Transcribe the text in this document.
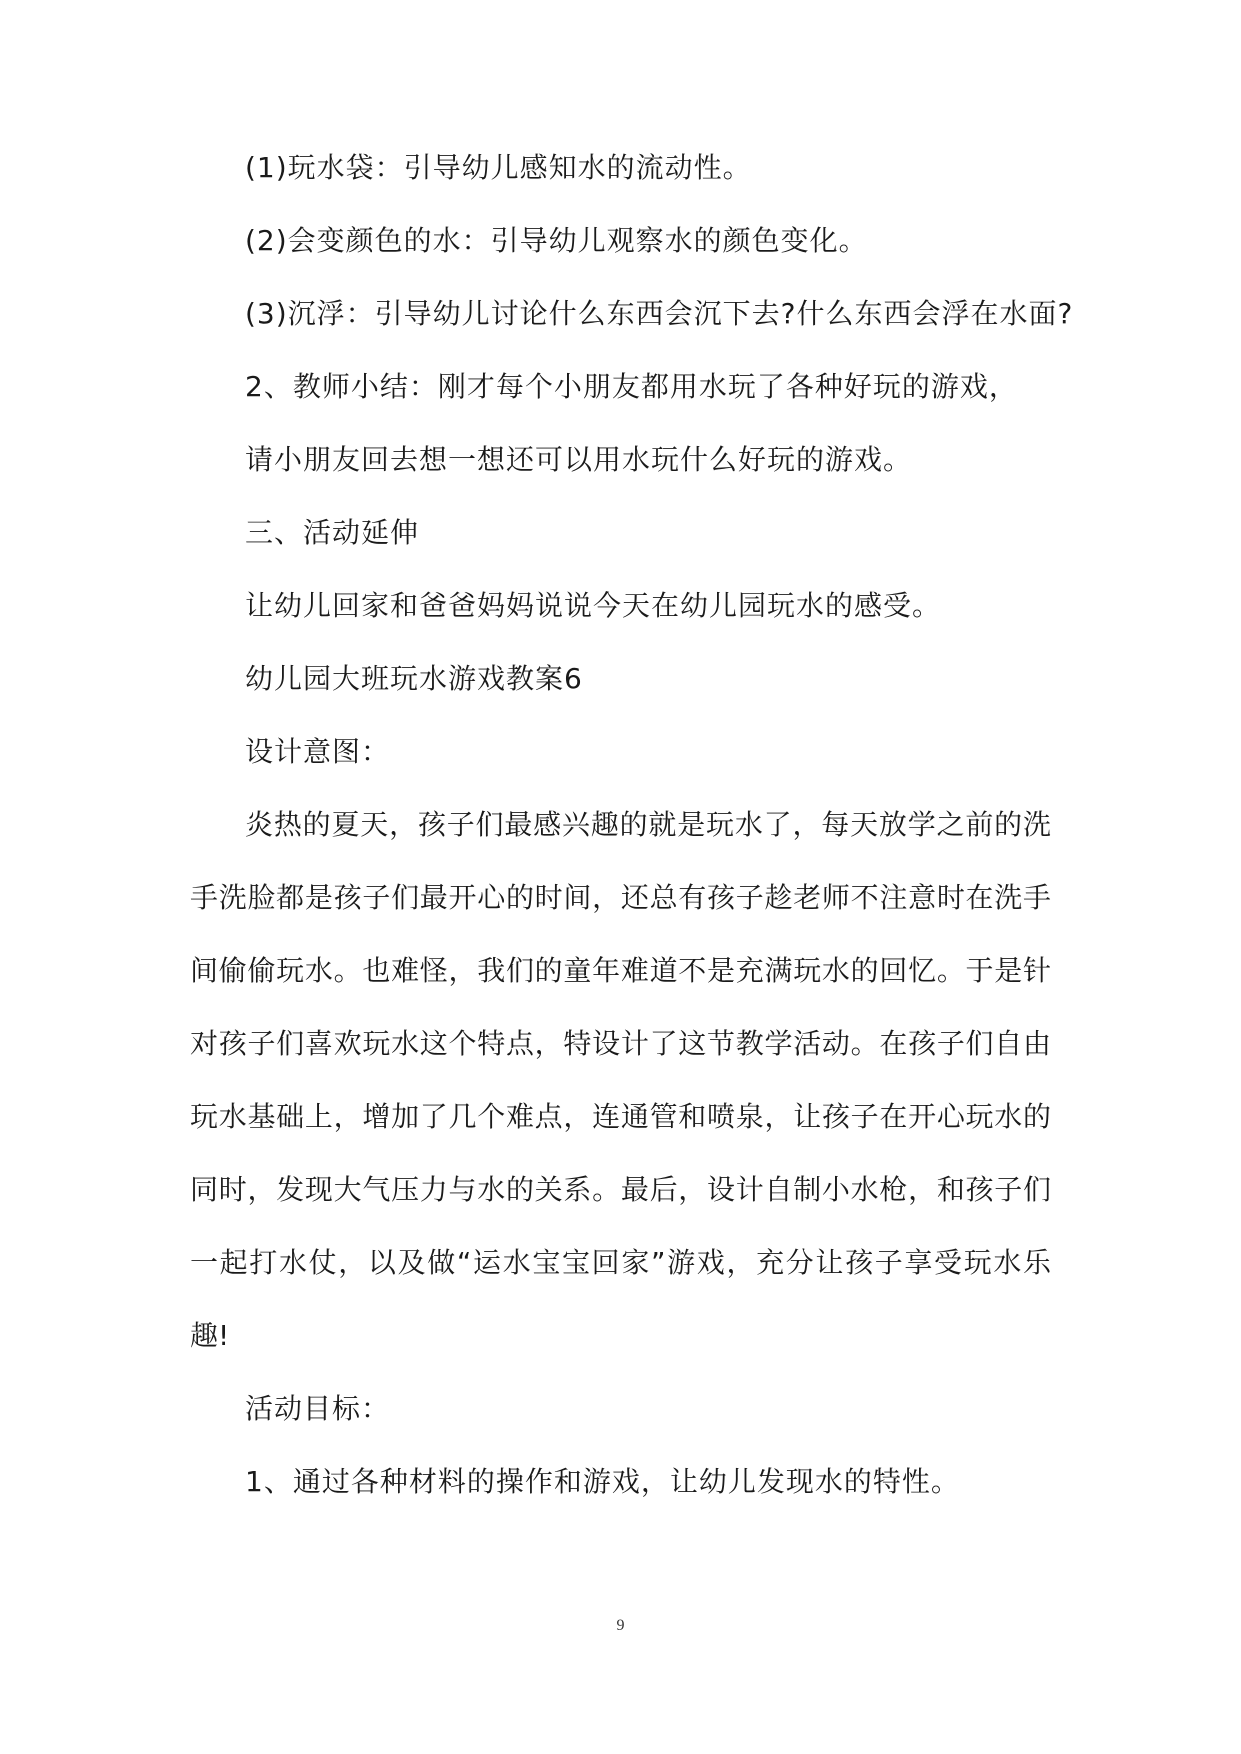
(1)玩水袋：引导幼儿感知水的流动性。
(2)会变颜色的水：引导幼儿观察水的颜色变化。
(3)沉浮：引导幼儿讨论什么东西会沉下去?什么东西会浮在水面?
2、教师小结：刚才每个小朋友都用水玩了各种好玩的游戏，
请小朋友回去想一想还可以用水玩什么好玩的游戏。
三、活动延伸
让幼儿回家和爸爸妈妈说说今天在幼儿园玩水的感受。
幼儿园大班玩水游戏教案6
设计意图：
炎热的夏天，孩子们最感兴趣的就是玩水了，每天放学之前的洗
手洗脸都是孩子们最开心的时间，还总有孩子趁老师不注意时在洗手
间偷偷玩水。也难怪，我们的童年难道不是充满玩水的回忆。于是针
对孩子们喜欢玩水这个特点，特设计了这节教学活动。在孩子们自由
玩水基础上，增加了几个难点，连通管和喷泉，让孩子在开心玩水的
同时，发现大气压力与水的关系。最后，设计自制小水枪，和孩子们
一起打水仗，以及做“运水宝宝回家”游戏，充分让孩子享受玩水乐
趣!
活动目标：
1、通过各种材料的操作和游戏，让幼儿发现水的特性。
9
